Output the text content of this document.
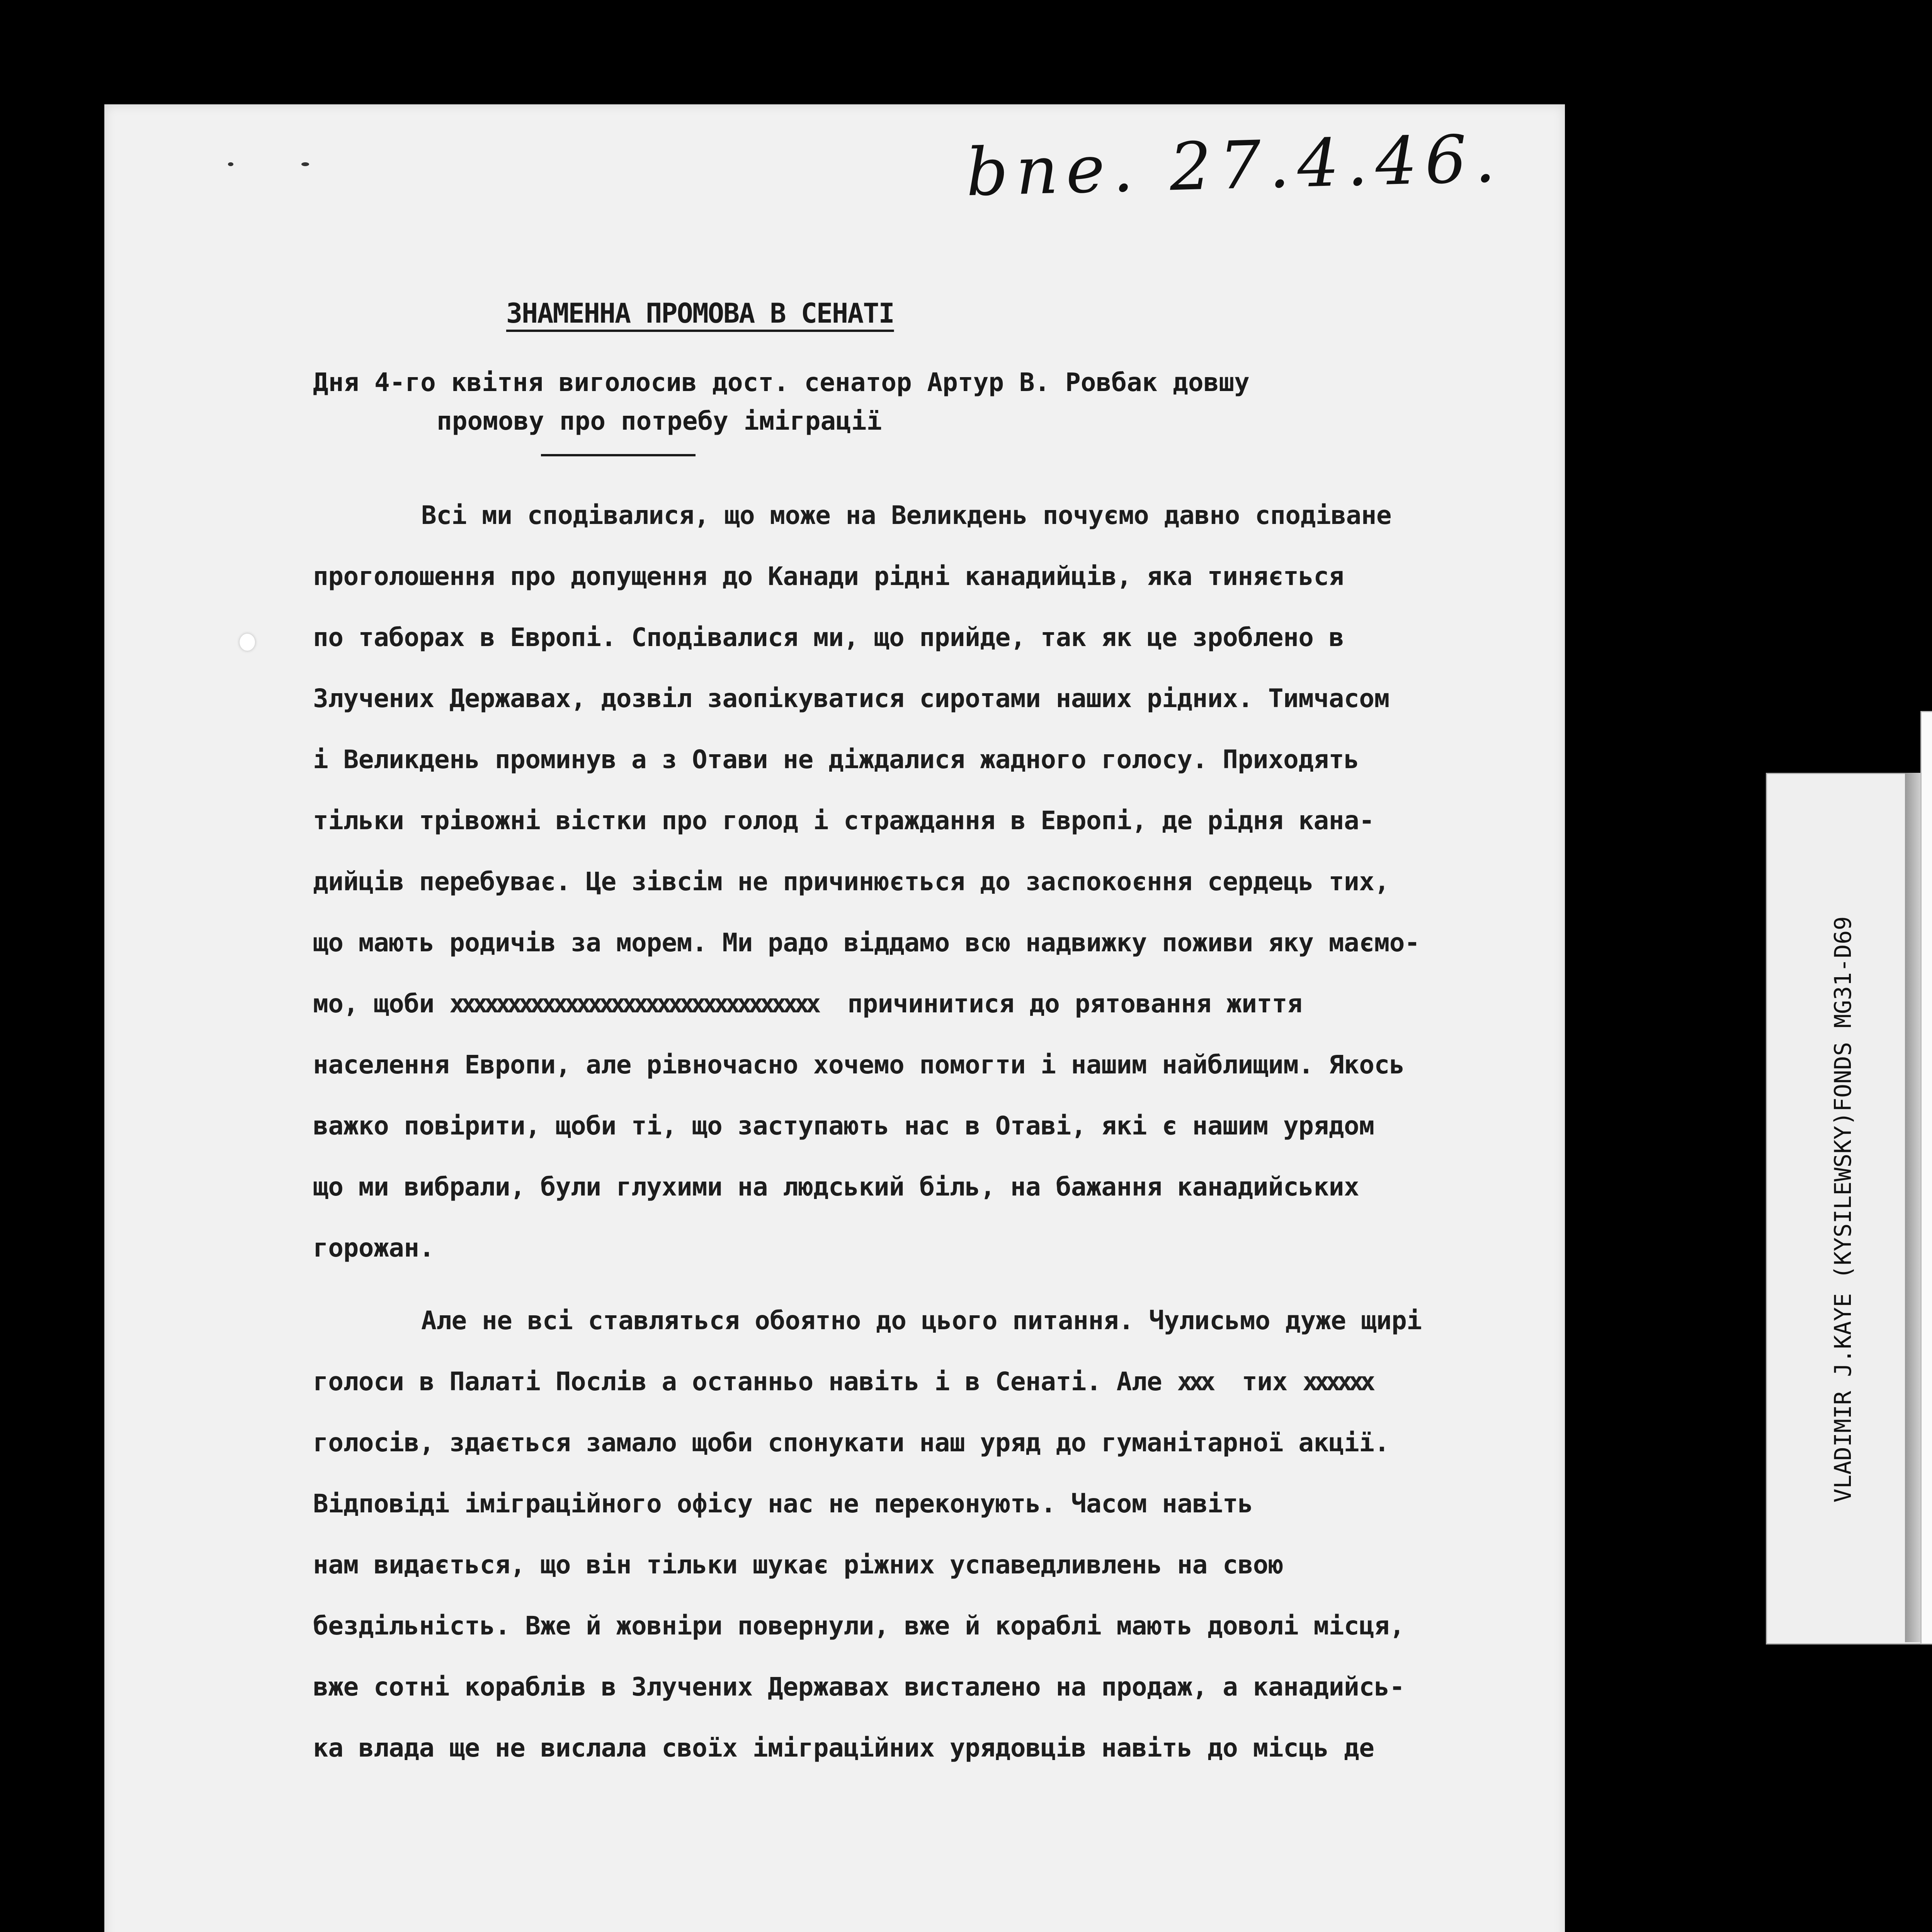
bne. 27.4.46.
ЗНАМЕННА ПРОМОВА В СЕНАТІ
Дня 4-го квітня виголосив дост. сенатор Артур В. Ровбак довшу
промову про потребу іміграції
Всі ми сподівалися, що може на Великдень почуємо давно сподіване
проголошення про допущення до Канади рідні канадийців, яка тиняється
по таборах в Европі. Сподівалися ми, що прийде, так як це зроблено в
Злучених Державах, дозвіл заопікуватися сиротами наших рідних. Тимчасом
і Великдень проминув а з Отави не діждалися жадного голосу. Приходять
тільки трівожні вістки про голод і страждання в Европі, де рідня кана-
дийців перебуває. Це зівсім не причинюється до заспокоєння сердець тих,
що мають родичів за морем. Ми радо віддамо всю надвижку поживи яку маємо-
мо, щоби xxxxxxxxxxxxxxxxxxxxxxxxxxxxxxxx причинитися до рятовання життя
населення Европи, але рівночасно хочемо помогти і нашим найблищим. Якось
важко повірити, щоби ті, що заступають нас в Отаві, які є нашим урядом
що ми вибрали, були глухими на людський біль, на бажання канадийських
горожан.
Але не всі ставляться обоятно до цього питання. Чулисьмо дуже щирі
голоси в Палаті Послів а останньо навіть і в Сенаті. Але xxx тих xxxxxx
голосів, здається замало щоби спонукати наш уряд до гуманітарної акції.
Відповіді іміграційного офісу нас не переконують. Часом навіть
нам видається, що він тільки шукає ріжних успаведливлень на свою
бездільність. Вже й жовніри повернули, вже й кораблі мають доволі місця,
вже сотні кораблів в Злучених Державах висталено на продаж, а канадийсь-
ка влада ще не вислала своїх іміграційних урядовців навіть до місць де
VLADIMIR J.KAYE (KYSILEWSKY)FONDS MG31-D69
